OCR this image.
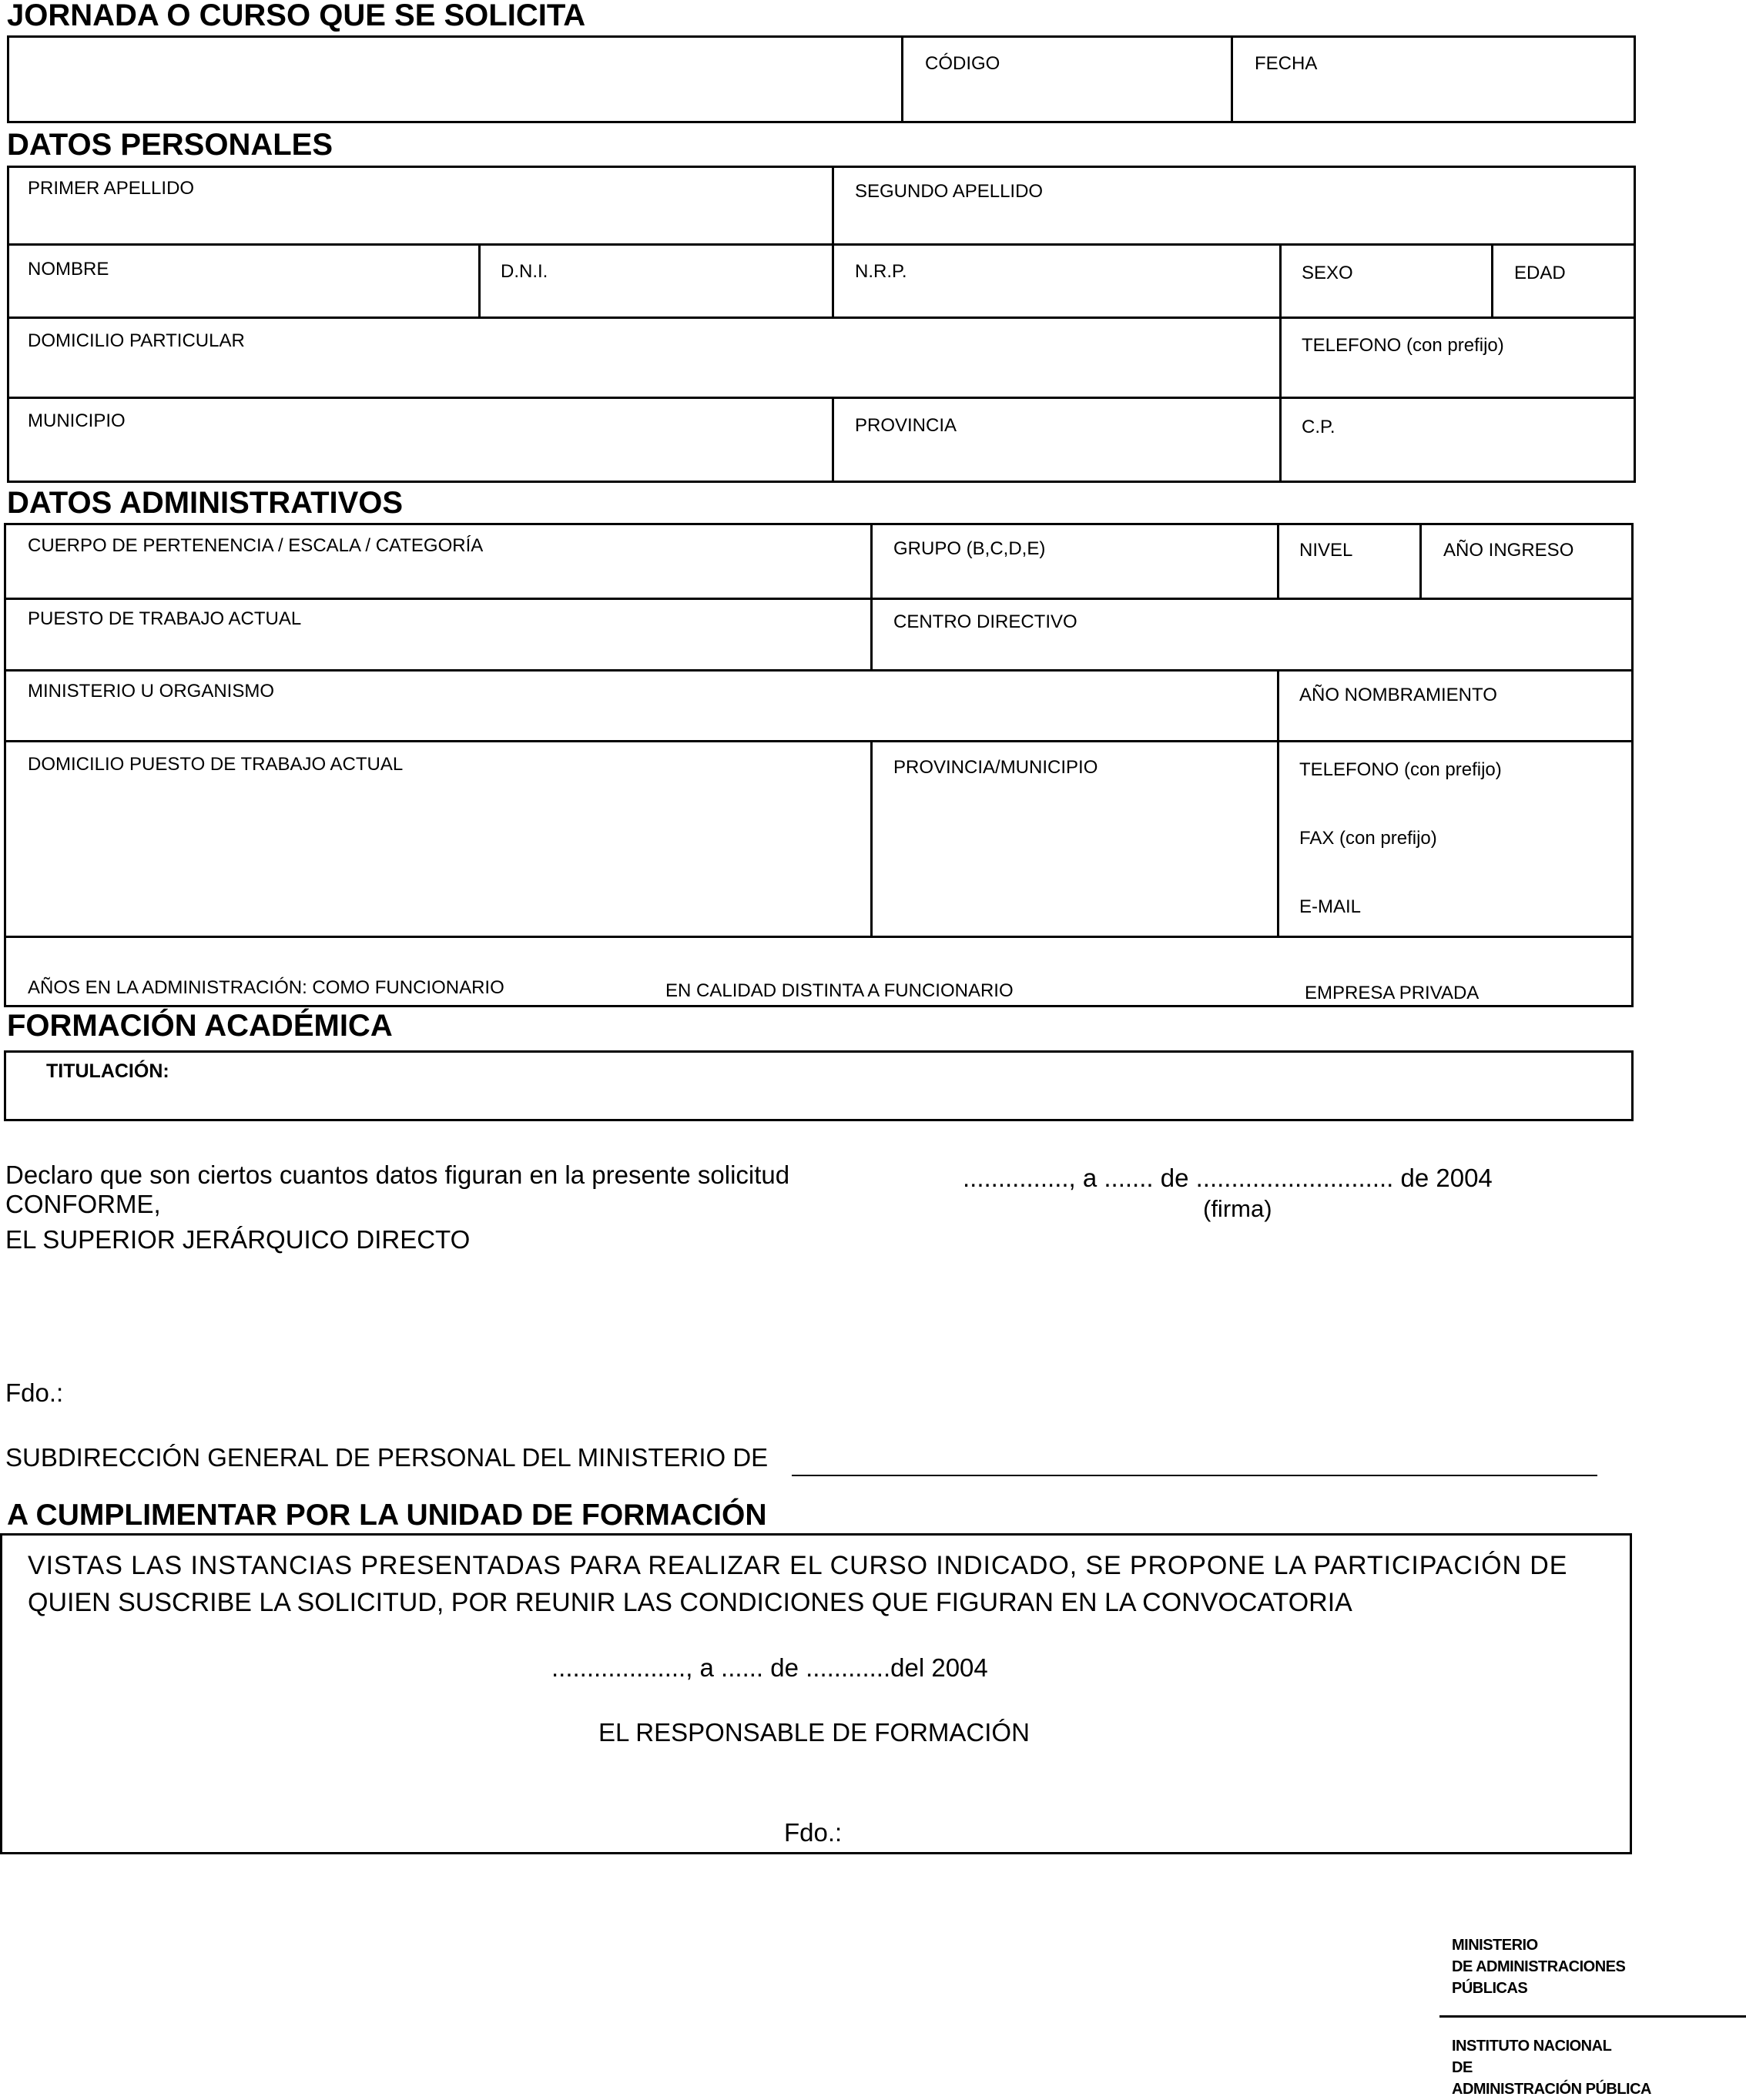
JORNADA O CURSO QUE SE SOLICITA
CÓDIGO	FECHA
DATOS PERSONALES
PRIMER APELLIDO	SEGUNDO APELLIDO
NOMBRE	D.N.I.	N.R.P.	SEXO	EDAD
DOMICILIO PARTICULAR	TELEFONO (con prefijo)
MUNICIPIO	PROVINCIA	C.P.
DATOS ADMINISTRATIVOS
CUERPO DE PERTENENCIA / ESCALA / CATEGORÍA	GRUPO (B,C,D,E)	NIVEL	AÑO INGRESO
PUESTO DE TRABAJO ACTUAL	CENTRO DIRECTIVO
MINISTERIO U ORGANISMO	AÑO NOMBRAMIENTO
DOMICILIO PUESTO DE TRABAJO ACTUAL	PROVINCIA/MUNICIPIO	TELEFONO (con prefijo)
FAX (con prefijo)
E-MAIL
AÑOS EN LA ADMINISTRACIÓN: COMO FUNCIONARIO	EN CALIDAD DISTINTA A FUNCIONARIO	EMPRESA PRIVADA
FORMACIÓN ACADÉMICA
TITULACIÓN:
Declaro que son ciertos cuantos datos figuran en la presente solicitud
CONFORME,
EL SUPERIOR JERÁRQUICO DIRECTO
..............., a ....... de ............................ de 2004
(firma)
Fdo.:
SUBDIRECCIÓN GENERAL DE PERSONAL DEL MINISTERIO DE
A CUMPLIMENTAR POR LA UNIDAD DE FORMACIÓN
VISTAS LAS INSTANCIAS PRESENTADAS PARA REALIZAR EL CURSO INDICADO, SE PROPONE LA PARTICIPACIÓN DE
QUIEN SUSCRIBE LA SOLICITUD, POR REUNIR LAS CONDICIONES QUE FIGURAN EN LA CONVOCATORIA
..................., a ...... de ............del 2004
EL RESPONSABLE DE FORMACIÓN
Fdo.:
MINISTERIO
DE ADMINISTRACIONES
PÚBLICAS
INSTITUTO NACIONAL
DE
ADMINISTRACIÓN PÚBLICA
